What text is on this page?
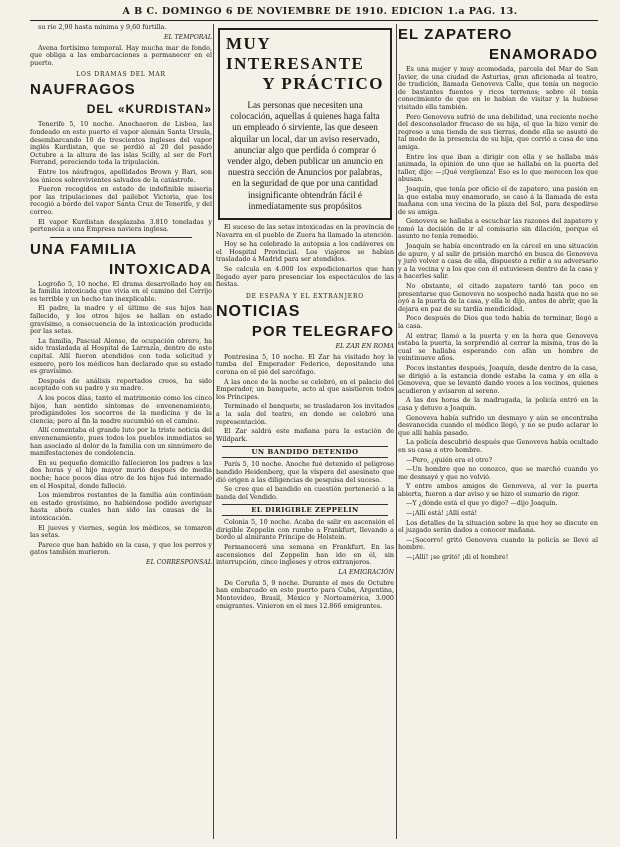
A B C. DOMINGO 6 DE NOVIEMBRE DE 1910. EDICION 1.a PAG. 13.

su ríe 2,90 hasta mínima y 9,60 fúrtilla.

EL TEMPORAL

Avena fortísimo temporal. Hay mucha mar de fondo, que obliga a las embarcaciones a permanecer en el puerto.

LOS DRAMAS DEL MAR
NAUFRAGOS
DEL «KURDISTAN»

Tenerife 5, 10 noche. Anochaeron de Lisboa, las fondeado en este puerto el vapor alemán Santa Ursula, desembarcando 10 de trescientos ingleses del vapor inglés Kurdistan, que se perdió al 20 del pasado Octubre a la altura de las islas Scilly, al ser de Fort Ferrand, pereciendo toda la tripulación.

Entre los náufragos, apellidados Brown y Bari, son los únicos sobrevivientes salvados de la catástrofe.

Fueron recogidos en estado de indefinible miseria por las tripulaciones del pailebot Victoria, que los recogió a bordo del vapor Santa Cruz de Tenerife, y del correo.

El vapor Kurdistan desplazaba 3.810 toneladas y pertenecía a una Empresa naviera inglesa.

UNA FAMILIA
INTOXICADA

Logroño 5, 10 noche. El drama desarrollado hoy en la familia intoxicada que vivía en el camino del Cerrijo es terrible y un hecho tan inexplicable.

El padre, la madre y el último de sus hijos han fallecido, y los otros hijos se hallan en estado gravísimo, a consecuencia de la intoxicación producida por las setas.

La familia, Pascual Alonso, de ocupación obrero, ha sido trasladada al Hospital de Larrazia, dentro de este capital. Allí fueron atendidos con toda solicitud y esmero, pero los médicos han declarado que su estado es gravísimo.

Después de análisis reportados creos, ha sido aceptado con su padre y su madre.

A los pocos días, tanto el matrimonio como los cinco hijos, han sentido síntomas de envenenamiento, prodigándoles los socorros de la medicina y de la ciencia; pero al fin la madre sucumbió en el camino.

Allí comentaba el grande luto por la triste noticia del envenenamiento, pues todos los pueblos inmediatos se han asociado al dolor de la familia con un sinnúmero de manifestaciones de condolencia.

En su pequeño domicilio fallecieron los padres a las dos horas y el hijo mayor murió después de media noche; hace pocos días otro de los hijos fué internado en el Hospital, donde falleció.

Los miembros restantes de la familia aún continúan en estado gravísimo, no habiéndose podido averiguar hasta ahora cuales han sido las causas de la intoxicación.

El jueves y viernes, según los médicos, se tomaron las setas.

Parece que han habido en la casa, y que los perros y gatos también murieron.

EL CORRESPONSAL
MUY INTERESANTE
Y PRÁCTICO
Las personas que necesiten una colocación, aquellas á quienes haga falta un empleado ó sirviente, las que deseen alquilar un local, dar un aviso reservado, anunciar algo que perdida ó comprar ó vender algo, deben publicar un anuncio en nuestra sección de Anuncios por palabras, en la seguridad de que por una cantidad insignificante obtendrán fácil é inmediatamente sus propósitos

El suceso de las setas intoxicadas en la provincia de Navarra en el pueblo de Zuera ha llamado la atención.

Hoy se ha celebrado la autopsia a los cadáveres en el Hospital Provincial. Los viajeros se habían trasladado á Madrid para ser atendidos.

Se calcula en 4.000 los expedicionarios que han llegado ayer para presenciar los espectáculos de las fiestas.

DE ESPAÑA Y EL EXTRANJERO
NOTICIAS
POR TELEGRAFO
EL ZAR EN ROMA

Pontresina 5, 10 noche. El Zar ha visitado hoy la tumba del Emperador Federico, depositando una corona en el pié del sarcófago.

A las once de la noche se celebró, en el palacio del Emperador, un banquete, acto al que asistieron todos los Príncipes.

Terminado el banquete, se trasladaron los invitados a la sala del teatro, en donde se celebró una representación.

El Zar saldrá este mañana para la estación de Wildpark.

UN BANDIDO DETENIDO

París 5, 10 noche. Anoche fué detenido el peligroso bandido Heidenberg, que la víspera del asesinato que dió origen a las diligencias de pesquisa del suceso.

Se cree que el bandido en cuestión perteneció a la banda del Vendido.

EL DIRIGIBLE ZEPPELIN

Colonia 5, 10 noche. Acaba de salir en ascensión el dirigible Zeppelin con rumbo a Frankfurt, llevando a bordo al almirante Príncipe de Holstein.

Permanecerá una semana en Frankfurt. En las ascensiones del Zeppelin han ido en él, sin interrupción, cinco ingleses y otros extranjeros.

LA EMIGRACIÓN

De Coruña 5, 9 noche. Durante el mes de Octubre han embarcado en este puerto para Cuba, Argentina, Montevideo, Brasil, México y Norteamérica, 3.000 emigrantes. Vinieron en el mes 12.866 emigrantes.

EL ZAPATERO
ENAMORADO

Es una mujer y muy acomodada, parcela del Mar de San Javier, de una ciudad de Asturias, gran aficionada al teatro, de tradición, llamada Genoveva Calle, que tenía un negocio de bastantes fuentes y ricos terrenos; sobre él tenía conocimiento de que en le habían de visitar y la hubiese visitado ella también.

Pero Genoveva sufrió de una debilidad, una reciente noche del desconsolador fracaso de su hija, el que la hizo venir de regreso a una tienda de sus tierras, donde ella se asustó de tal modo de la presencia de su hija, que corrió a casa de una amiga.

Entre los que iban a dirigir con ella y se hallaba más animada, la opinión de uno que se hallaba en la puerta del taller, dijo: —¡Qué vergüenza! Eso es lo que merecen los que abusan.

Joaquín, que tenía por oficio el de zapatero, una pasión en la que estaba muy enamorado, se casó á la llamada de esta mañana con una vecina de la plaza del Sol, para despedirse de su amiga.

Genoveva se hallaba a escuchar las razones del zapatero y tomó la decisión de ir al comisario sin dilación, porque el asunto no tenía remedio.

Joaquín se había encontrado en la cárcel en una situación de apuro, y al salir de prisión marchó en busca de Genoveva y juró volver a casa de ella, dispuesto a reñir a su adversario y a la vecina y a los que con él estuviesen dentro de la casa y a hacerles salir.

No obstante, el citado zapatero tardó tan poco en presentarse que Genoveva no sospechó nada hasta que no se oyó a la puerta de la casa, y ella le dijo, antes de abrir, que la dejara en paz de su tardía mendicidad.

Poco después de Dios que todo había de terminar, llegó a la casa.

Al entrar, llamó a la puerta y en la hora que Genoveva estaba la puerta, la sorprendió al cerrar la misma, tras de la cual se hallaba esperando con afán un hombre de veintinueve años.

Pocos instantes después, Joaquín, desde dentro de la casa, se dirigió a la estancia donde estaba la cama y en ella a Genoveva, que se levantó dando voces a los vecinos, quienes acudieron y avisaron al sereno.

A las dos horas de la madrugada, la policía entró en la casa y detuvo a Joaquín.

Genoveva había sufrido un desmayo y aún se encontraba desvanecida cuando el médico llegó, y no se pudo aclarar lo que allí había pasado.

La policía descubrió después que Genoveva había ocultado en su casa a otro hombre.

—Pero, ¿quién era el otro?

—Un hombre que no conozco, que se marchó cuando yo me desmayé y que no volvió.

Y entre ambos amigos de Genoveva, al ver la puerta abierta, fueron a dar aviso y se hizo el sumario de rigor.

—Y ¿dónde está el que yo digo? —dijo Joaquín.

—¡Allí está! ¡Allí está!

Los detalles de la situación sobre la que hoy se discute en el juzgado serán dados a conocer mañana.

—¡Socorro! gritó Genoveva cuando la policía se llevó al hombre.

—¡Allí! ¡se gritó! ¡di el hombre!
